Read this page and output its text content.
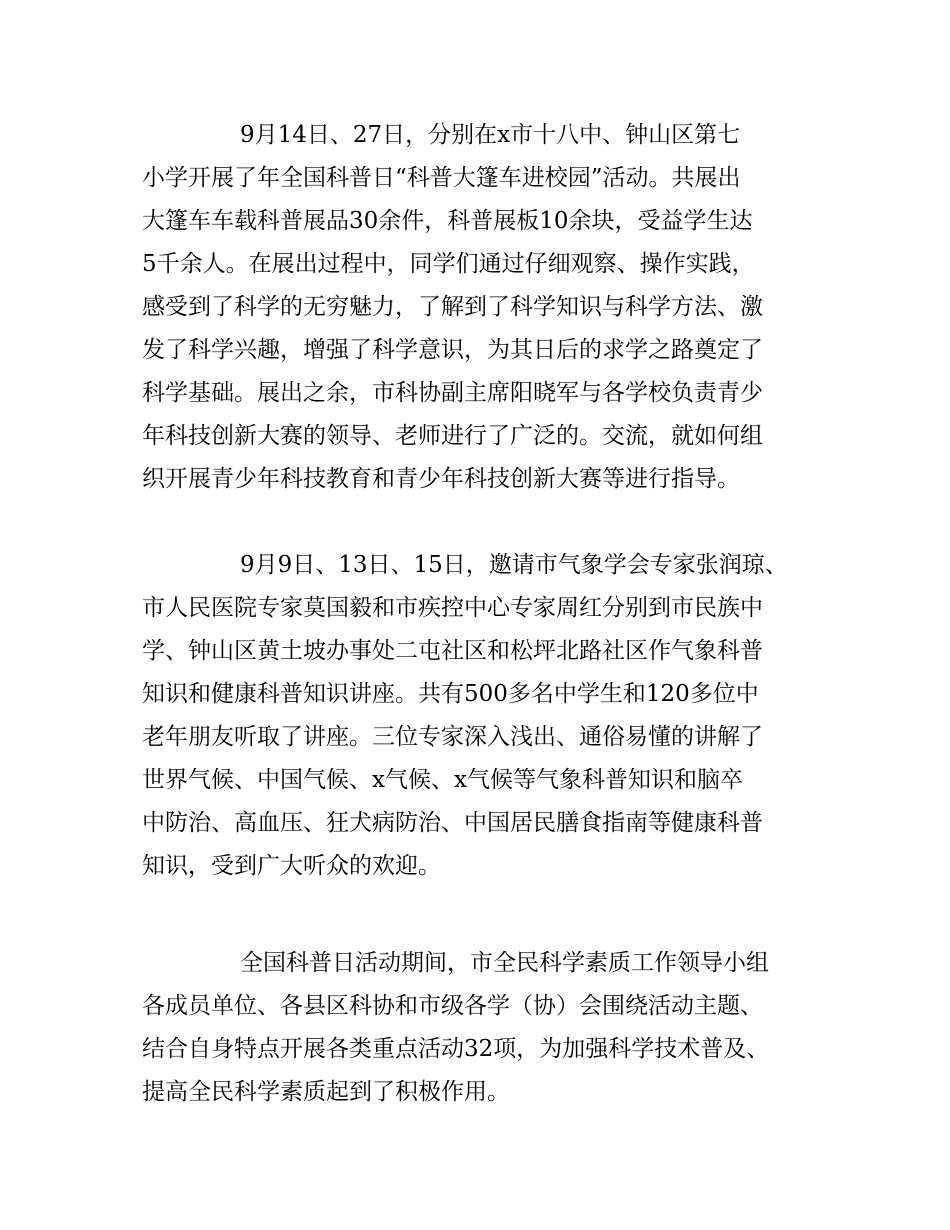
9月14日、27日，分别在x市十八中、钟山区第七
小学开展了年全国科普日“科普大篷车进校园”活动。共展出
大篷车车载科普展品30余件，科普展板10余块，受益学生达
5千余人。在展出过程中，同学们通过仔细观察、操作实践，
感受到了科学的无穷魅力，了解到了科学知识与科学方法、激
发了科学兴趣，增强了科学意识，为其日后的求学之路奠定了
科学基础。展出之余，市科协副主席阳晓军与各学校负责青少
年科技创新大赛的领导、老师进行了广泛的。交流，就如何组
织开展青少年科技教育和青少年科技创新大赛等进行指导。
9月9日、13日、15日，邀请市气象学会专家张润琼、
市人民医院专家莫国毅和市疾控中心专家周红分别到市民族中
学、钟山区黄土坡办事处二屯社区和松坪北路社区作气象科普
知识和健康科普知识讲座。共有500多名中学生和120多位中
老年朋友听取了讲座。三位专家深入浅出、通俗易懂的讲解了
世界气候、中国气候、x气候、x气候等气象科普知识和脑卒
中防治、高血压、狂犬病防治、中国居民膳食指南等健康科普
知识，受到广大听众的欢迎。
全国科普日活动期间，市全民科学素质工作领导小组
各成员单位、各县区科协和市级各学（协）会围绕活动主题、
结合自身特点开展各类重点活动32项，为加强科学技术普及、
提高全民科学素质起到了积极作用。
